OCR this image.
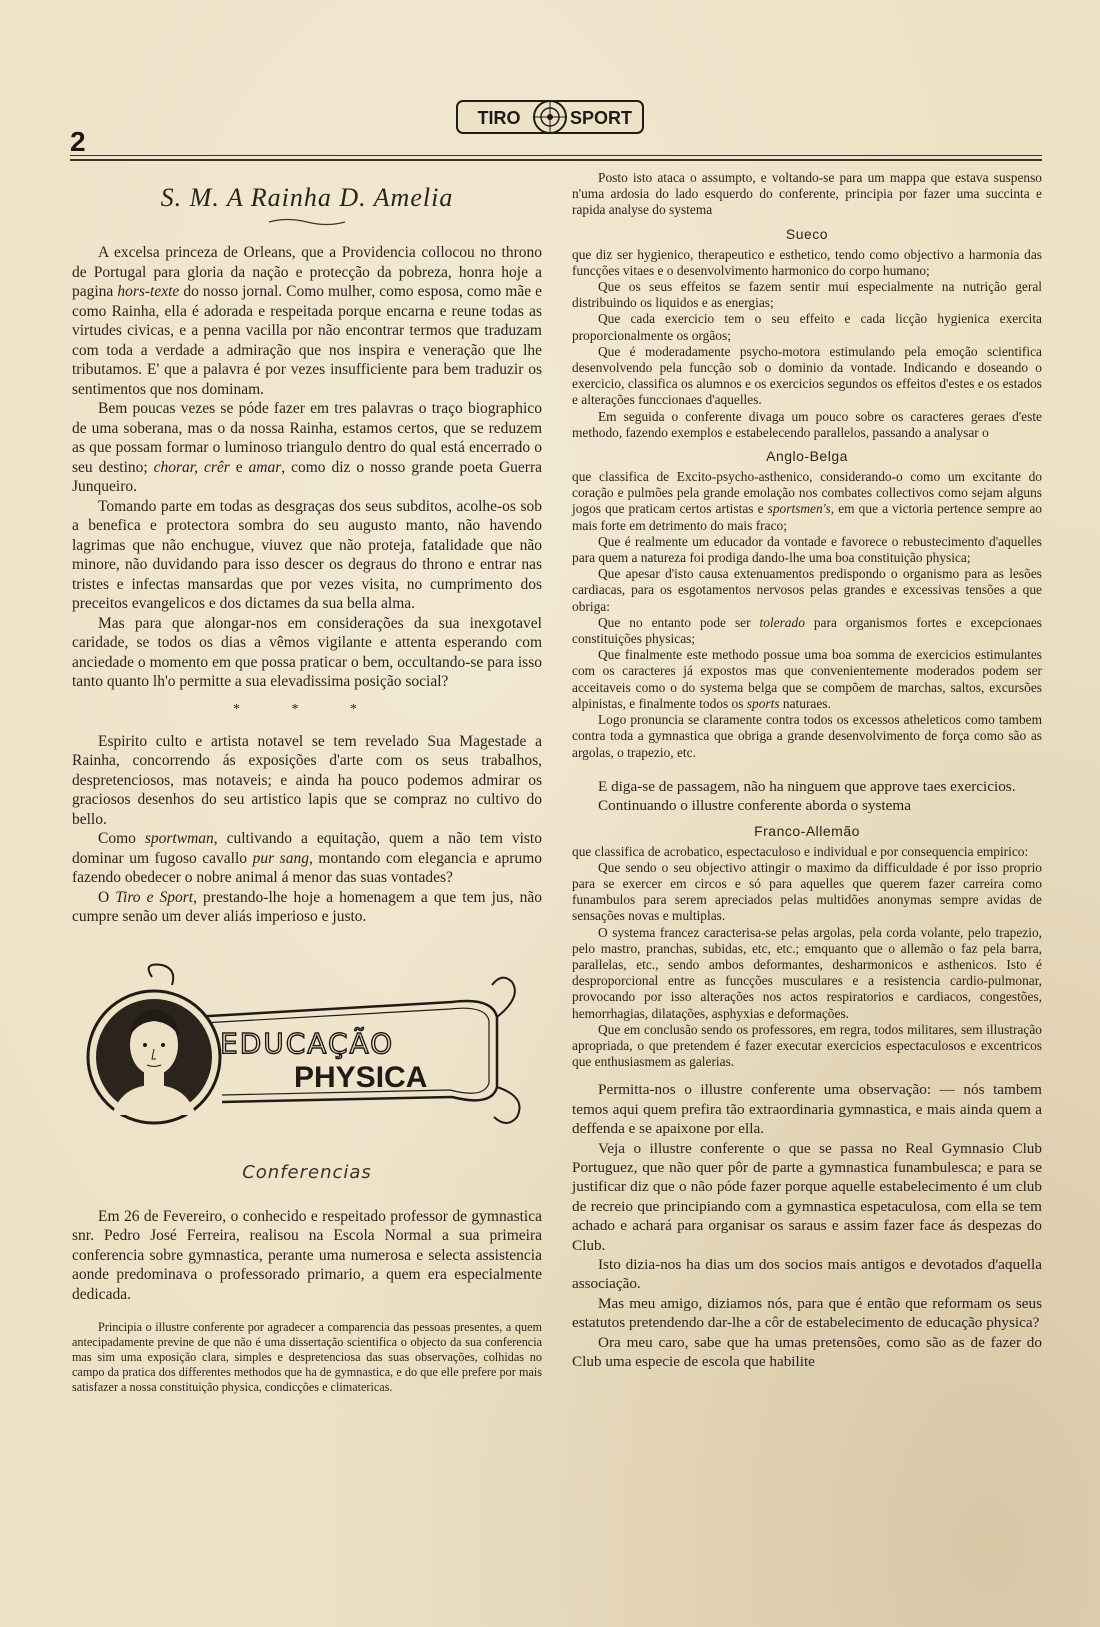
2
TIRO	SPORT
S. M. A Rainha D. Amelia

A excelsa princeza de Orleans, que a Providencia collocou no throno de Portugal para gloria da nação e protecção da pobreza, honra hoje a pagina hors-texte do nosso jornal. Como mulher, como esposa, como mãe e como Rainha, ella é adorada e respeitada porque encarna e reune todas as virtudes civicas, e a penna vacilla por não encontrar termos que traduzam com toda a verdade a admiração que nos inspira e veneração que lhe tributamos. E' que a palavra é por vezes insufficiente para bem traduzir os sentimentos que nos dominam.

Bem poucas vezes se póde fazer em tres palavras o traço biographico de uma soberana, mas o da nossa Rainha, estamos certos, que se reduzem as que possam formar o luminoso triangulo dentro do qual está encerrado o seu destino; chorar, crêr e amar, como diz o nosso grande poeta Guerra Junqueiro.

Tomando parte em todas as desgraças dos seus subditos, acolhe-os sob a benefica e protectora sombra do seu augusto manto, não havendo lagrimas que não enchugue, viuvez que não proteja, fatalidade que não minore, não duvidando para isso descer os degraus do throno e entrar nas tristes e infectas mansardas que por vezes visita, no cumprimento dos preceitos evangelicos e dos dictames da sua bella alma.

Mas para que alongar-nos em considerações da sua inexgotavel caridade, se todos os dias a vêmos vigilante e attenta esperando com anciedade o momento em que possa praticar o bem, occultando-se para isso tanto quanto lh'o permitte a sua elevadissima posição social?

* * *

Espirito culto e artista notavel se tem revelado Sua Magestade a Rainha, concorrendo ás exposições d'arte com os seus trabalhos, despretenciosos, mas notaveis; e ainda ha pouco podemos admirar os graciosos desenhos do seu artistico lapis que se compraz no cultivo do bello.

Como sportwman, cultivando a equitação, quem a não tem visto dominar um fugoso cavallo pur sang, montando com elegancia e aprumo fazendo obedecer o nobre animal á menor das suas vontades?

O Tiro e Sport, prestando-lhe hoje a homenagem a que tem jus, não cumpre senão um dever aliás imperioso e justo.

EDUCAÇÃO
PHYSICA
Conferencias

Em 26 de Fevereiro, o conhecido e respeitado professor de gymnastica snr. Pedro José Ferreira, realisou na Escola Normal a sua primeira conferencia sobre gymnastica, perante uma numerosa e selecta assistencia aonde predominava o professorado primario, a quem era especialmente dedicada.

Principia o illustre conferente por agradecer a comparencia das pessoas presentes, a quem antecipadamente previne de que não é uma dissertação scientifica o objecto da sua conferencia mas sim uma exposição clara, simples e despretenciosa das suas observações, colhidas no campo da pratica dos differentes methodos que ha de gymnastica, e do que elle prefere por mais satisfazer a nossa constituição physica, condicções e climatericas.

Posto isto ataca o assumpto, e voltando-se para um mappa que estava suspenso n'uma ardosia do lado esquerdo do conferente, principia por fazer uma succinta e rapida analyse do systema

Sueco

que diz ser hygienico, therapeutico e esthetico, tendo como objectivo a harmonia das funcções vitaes e o desenvolvimento harmonico do corpo humano;

Que os seus effeitos se fazem sentir mui especialmente na nutrição geral distribuindo os liquidos e as energias;

Que cada exercicio tem o seu effeito e cada licção hygienica exercita proporcionalmente os orgãos;

Que é moderadamente psycho-motora estimulando pela emoção scientifica desenvolvendo pela funcção sob o dominio da vontade. Indicando e doseando o exercicio, classifica os alumnos e os exercicios segundos os effeitos d'estes e os estados e alterações funccionaes d'aquelles.

Em seguida o conferente divaga um pouco sobre os caracteres geraes d'este methodo, fazendo exemplos e estabelecendo parallelos, passando a analysar o

Anglo-Belga

que classifica de Excito-psycho-asthenico, considerando-o como um excitante do coração e pulmões pela grande emolação nos combates collectivos como sejam alguns jogos que praticam certos artistas e sportsmen's, em que a victoria pertence sempre ao mais forte em detrimento do mais fraco;

Que é realmente um educador da vontade e favorece o rebustecimento d'aquelles para quem a natureza foi prodiga dando-lhe uma boa constituição physica;

Que apesar d'isto causa extenuamentos predispondo o organismo para as lesões cardiacas, para os esgotamentos nervosos pelas grandes e excessivas tensões a que obriga:

Que no entanto pode ser tolerado para organismos fortes e excepcionaes constituições physicas;

Que finalmente este methodo possue uma boa somma de exercicios estimulantes com os caracteres já expostos mas que convenientemente moderados podem ser acceitaveis como o do systema belga que se compõem de marchas, saltos, excursões alpinistas, e finalmente todos os sports naturaes.

Logo pronuncia se claramente contra todos os excessos atheleticos como tambem contra toda a gymnastica que obriga a grande desenvolvimento de força como são as argolas, o trapezio, etc.

E diga-se de passagem, não ha ninguem que approve taes exercicios.

Continuando o illustre conferente aborda o systema

Franco-Allemão

que classifica de acrobatico, espectaculoso e individual e por consequencia empirico:

Que sendo o seu objectivo attingir o maximo da difficuldade é por isso proprio para se exercer em circos e só para aquelles que querem fazer carreira como funambulos para serem apreciados pelas multidões anonymas sempre avidas de sensações novas e multiplas.

O systema francez caracterisa-se pelas argolas, pela corda volante, pelo trapezio, pelo mastro, pranchas, subidas, etc, etc.; emquanto que o allemão o faz pela barra, parallelas, etc., sendo ambos deformantes, desharmonicos e asthenicos. Isto é desproporcional entre as funcções musculares e a resistencia cardio-pulmonar, provocando por isso alterações nos actos respiratorios e cardiacos, congestões, hemorrhagias, dilatações, asphyxias e deformações.

Que em conclusão sendo os professores, em regra, todos militares, sem illustração apropriada, o que pretendem é fazer executar exercicios espectaculosos e excentricos que enthusiasmem as galerias.

Permitta-nos o illustre conferente uma observação: — nós tambem temos aqui quem prefira tão extraordinaria gymnastica, e mais ainda quem a deffenda e se apaixone por ella.

Veja o illustre conferente o que se passa no Real Gymnasio Club Portuguez, que não quer pôr de parte a gymnastica funambulesca; e para se justificar diz que o não póde fazer porque aquelle estabelecimento é um club de recreio que principiando com a gymnastica espetaculosa, com ella se tem achado e achará para organisar os saraus e assim fazer face ás despezas do Club.

Isto dizia-nos ha dias um dos socios mais antigos e devotados d'aquella associação.

Mas meu amigo, diziamos nós, para que é então que reformam os seus estatutos pretendendo dar-lhe a côr de estabelecimento de educação physica?

Ora meu caro, sabe que ha umas pretensões, como são as de fazer do Club uma especie de escola que habilite
